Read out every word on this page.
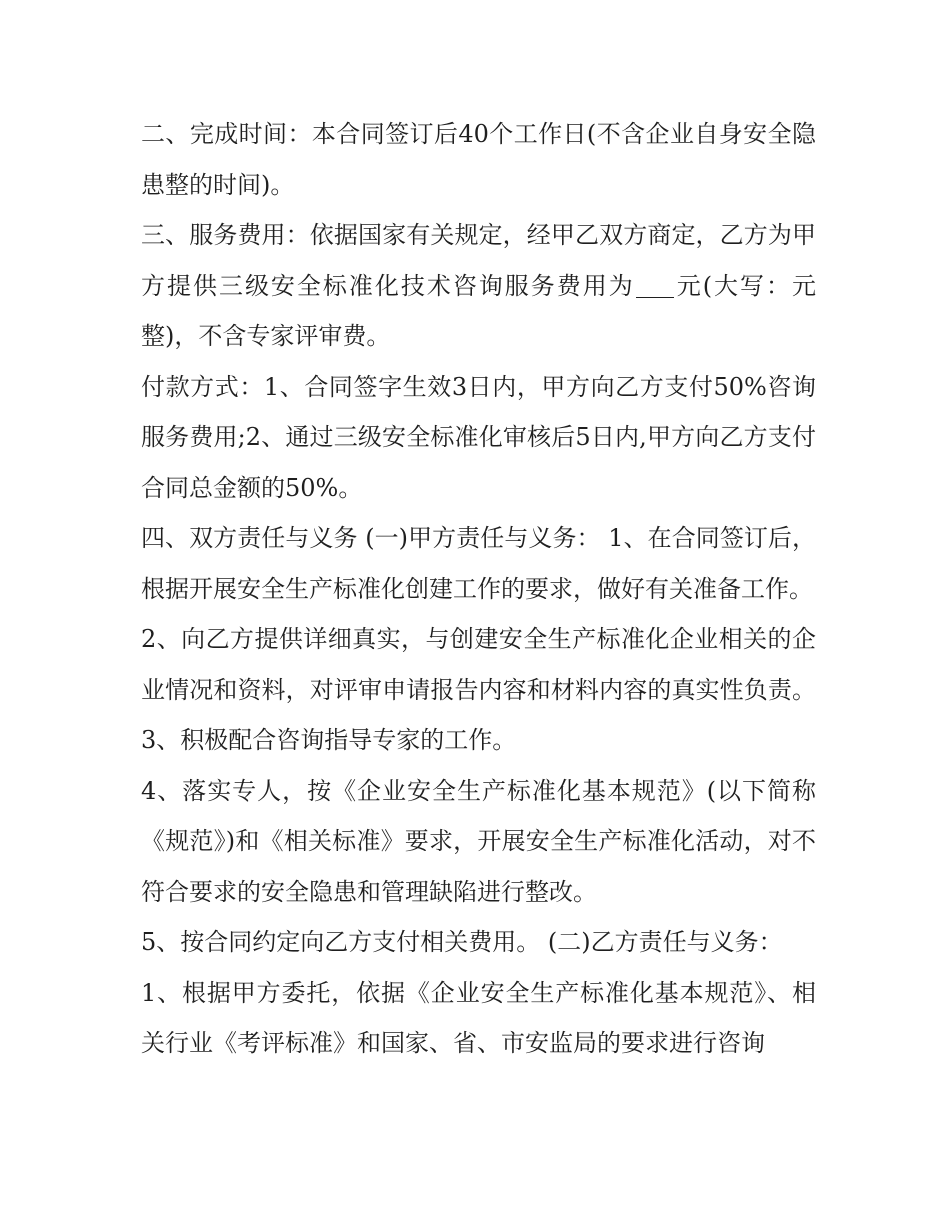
二、完成时间：本合同签订后40个工作日(不含企业自身安全隐患整的时间)。

三、服务费用：依据国家有关规定，经甲乙双方商定，乙方为甲方提供三级安全标准化技术咨询服务费用为 元(大写：元整)，不含专家评审费。

付款方式：1、合同签字生效3日内，甲方向乙方支付50%咨询服务费用;2、通过三级安全标准化审核后5日内,甲方向乙方支付合同总金额的50%。

四、双方责任与义务 (一)甲方责任与义务： 1、在合同签订后，根据开展安全生产标准化创建工作的要求，做好有关准备工作。

2、向乙方提供详细真实，与创建安全生产标准化企业相关的企业情况和资料，对评审申请报告内容和材料内容的真实性负责。 3、积极配合咨询指导专家的工作。

4、落实专人，按《企业安全生产标准化基本规范》(以下简称《规范》)和《相关标准》要求，开展安全生产标准化活动，对不符合要求的安全隐患和管理缺陷进行整改。

5、按合同约定向乙方支付相关费用。 (二)乙方责任与义务：

1、根据甲方委托，依据《企业安全生产标准化基本规范》、相关行业《考评标准》和国家、省、市安监局的要求进行咨询
